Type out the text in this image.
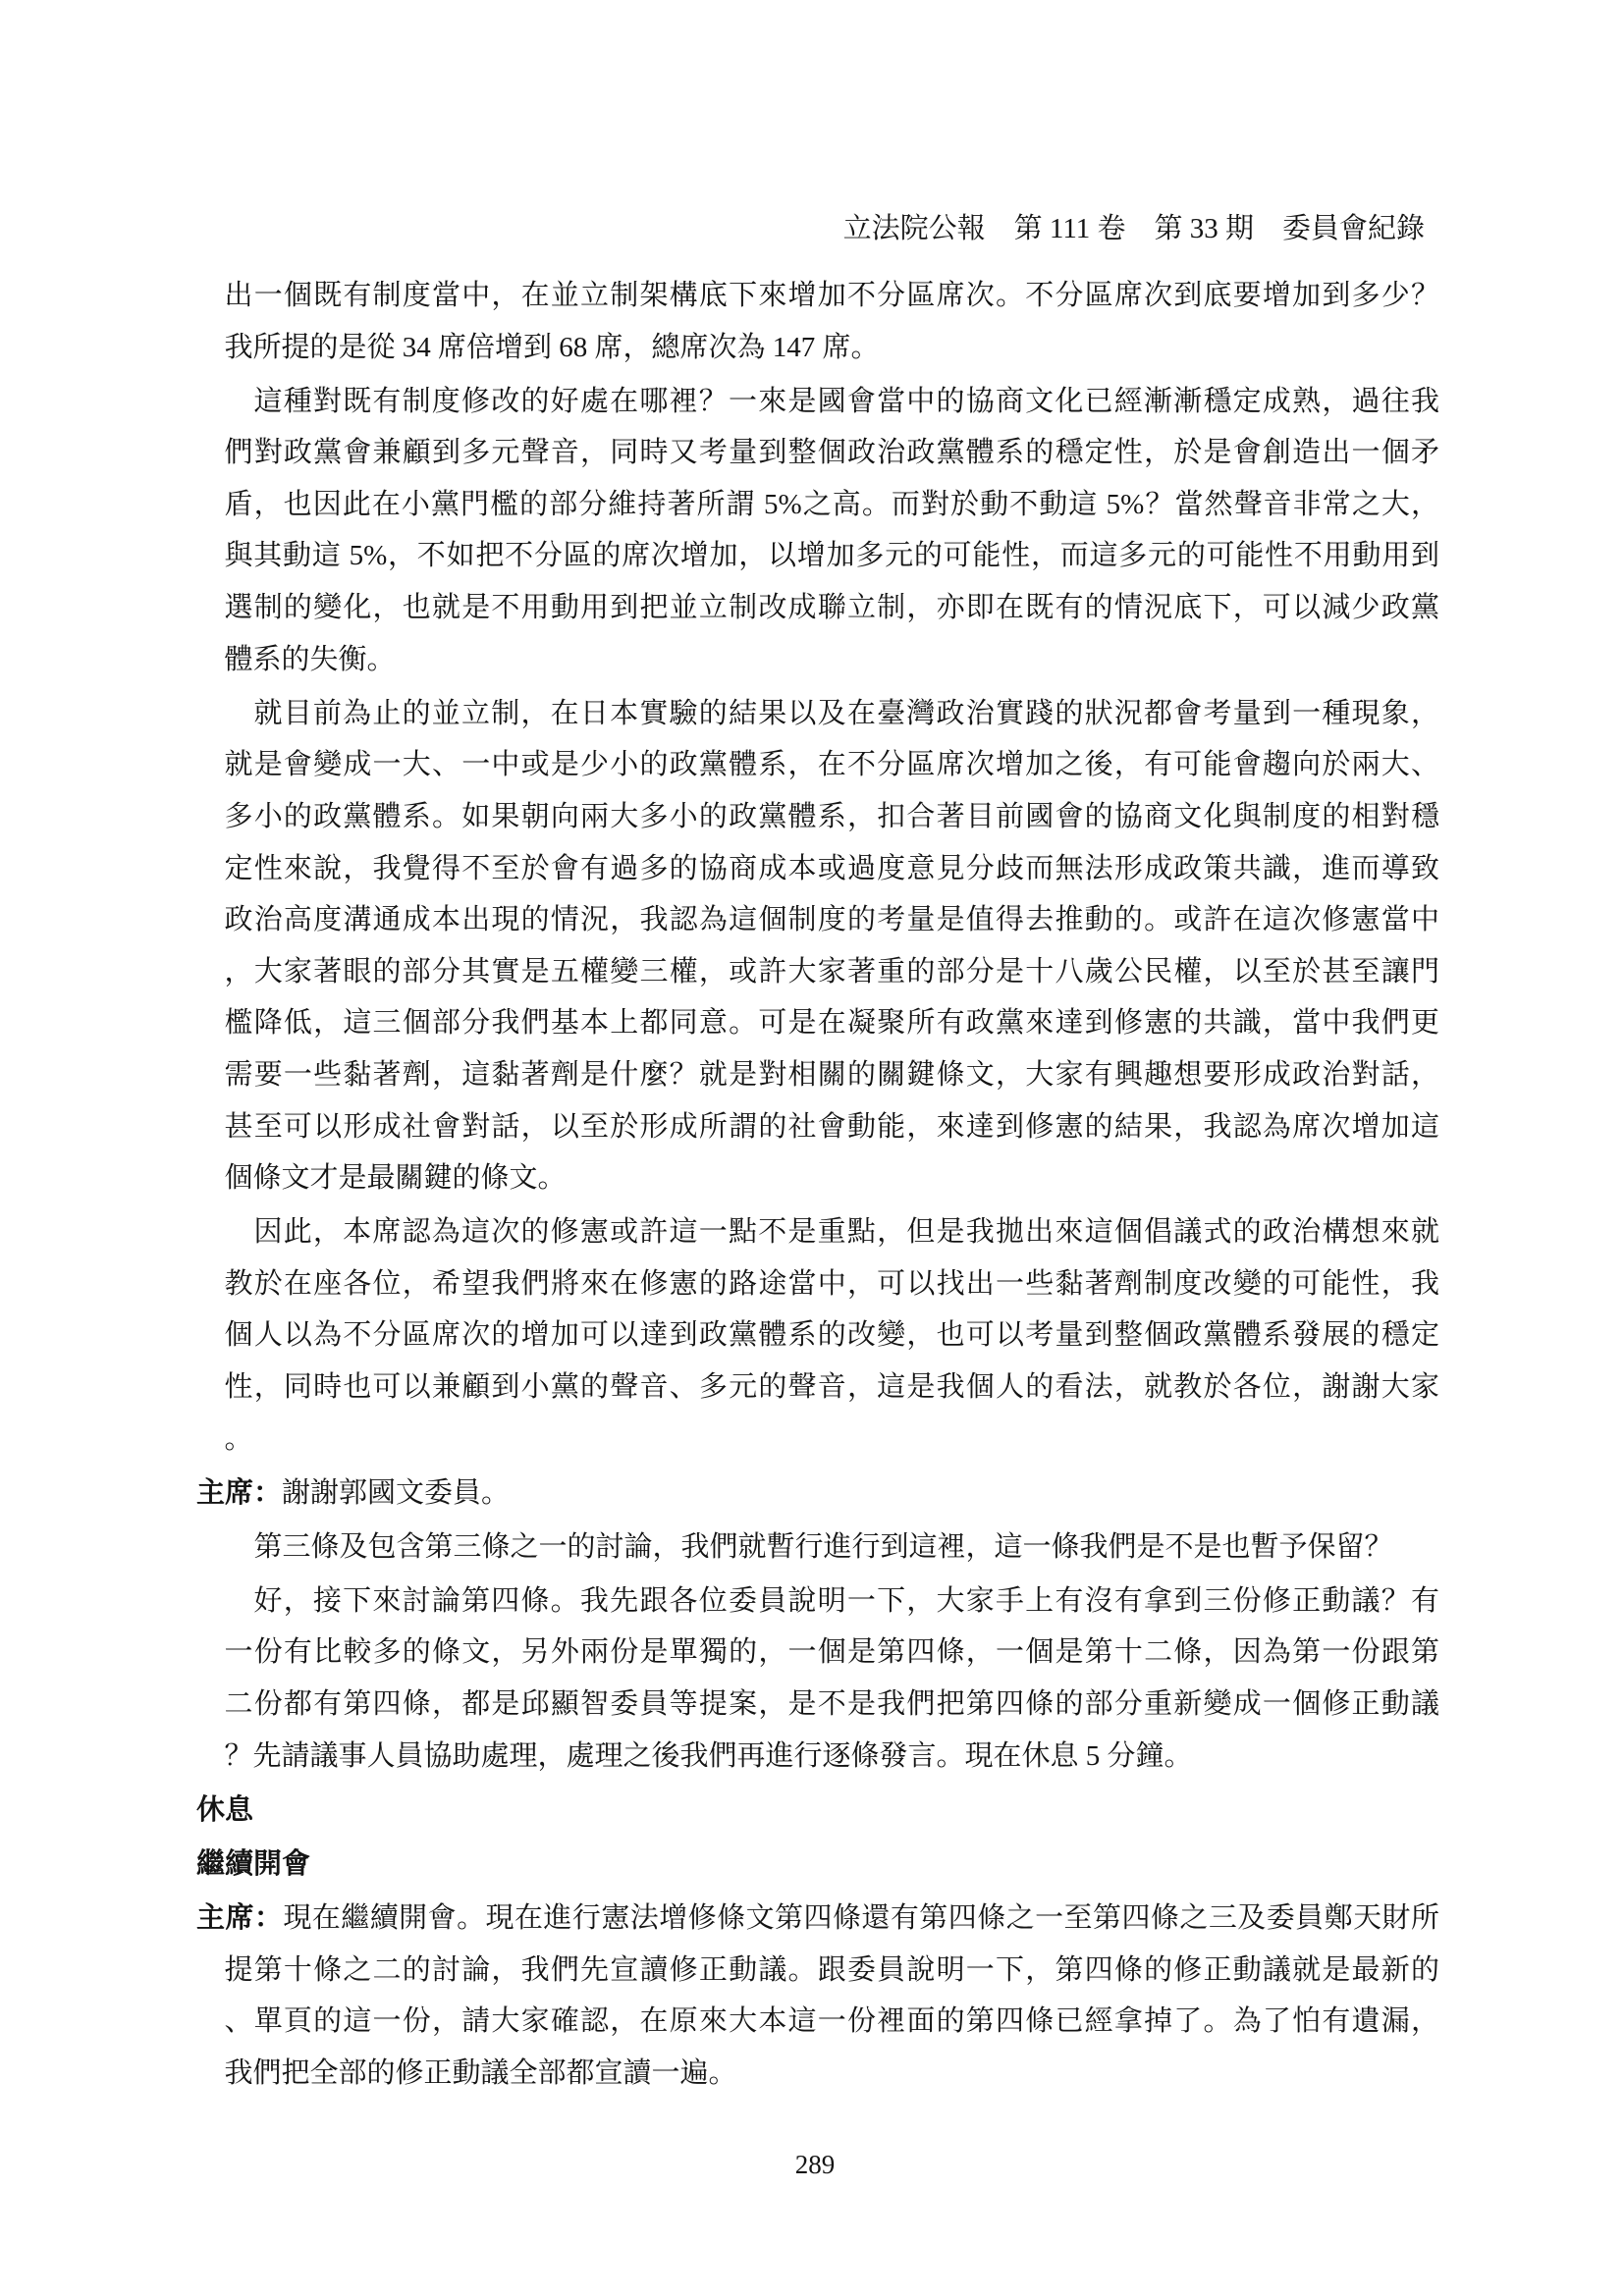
立法院公報　第 111 卷　第 33 期　委員會紀錄

出一個既有制度當中，在並立制架構底下來增加不分區席次。不分區席次到底要增加到多少？
我所提的是從 34 席倍增到 68 席，總席次為 147 席。
這種對既有制度修改的好處在哪裡？一來是國會當中的協商文化已經漸漸穩定成熟，過往我
們對政黨會兼顧到多元聲音，同時又考量到整個政治政黨體系的穩定性，於是會創造出一個矛
盾，也因此在小黨門檻的部分維持著所謂 5%之高。而對於動不動這 5%？當然聲音非常之大，
與其動這 5%，不如把不分區的席次增加，以增加多元的可能性，而這多元的可能性不用動用到
選制的變化，也就是不用動用到把並立制改成聯立制，亦即在既有的情況底下，可以減少政黨
體系的失衡。
就目前為止的並立制，在日本實驗的結果以及在臺灣政治實踐的狀況都會考量到一種現象，
就是會變成一大、一中或是少小的政黨體系，在不分區席次增加之後，有可能會趨向於兩大、
多小的政黨體系。如果朝向兩大多小的政黨體系，扣合著目前國會的協商文化與制度的相對穩
定性來說，我覺得不至於會有過多的協商成本或過度意見分歧而無法形成政策共識，進而導致
政治高度溝通成本出現的情況，我認為這個制度的考量是值得去推動的。或許在這次修憲當中
，大家著眼的部分其實是五權變三權，或許大家著重的部分是十八歲公民權，以至於甚至讓門
檻降低，這三個部分我們基本上都同意。可是在凝聚所有政黨來達到修憲的共識，當中我們更
需要一些黏著劑，這黏著劑是什麼？就是對相關的關鍵條文，大家有興趣想要形成政治對話，
甚至可以形成社會對話，以至於形成所謂的社會動能，來達到修憲的結果，我認為席次增加這
個條文才是最關鍵的條文。
因此，本席認為這次的修憲或許這一點不是重點，但是我拋出來這個倡議式的政治構想來就
教於在座各位，希望我們將來在修憲的路途當中，可以找出一些黏著劑制度改變的可能性，我
個人以為不分區席次的增加可以達到政黨體系的改變，也可以考量到整個政黨體系發展的穩定
性，同時也可以兼顧到小黨的聲音、多元的聲音，這是我個人的看法，就教於各位，謝謝大家
。
主席：謝謝郭國文委員。
第三條及包含第三條之一的討論，我們就暫行進行到這裡，這一條我們是不是也暫予保留？
好，接下來討論第四條。我先跟各位委員說明一下，大家手上有沒有拿到三份修正動議？有
一份有比較多的條文，另外兩份是單獨的，一個是第四條，一個是第十二條，因為第一份跟第
二份都有第四條，都是邱顯智委員等提案，是不是我們把第四條的部分重新變成一個修正動議
？先請議事人員協助處理，處理之後我們再進行逐條發言。現在休息 5 分鐘。
休息
繼續開會
主席：現在繼續開會。現在進行憲法增修條文第四條還有第四條之一至第四條之三及委員鄭天財所
提第十條之二的討論，我們先宣讀修正動議。跟委員說明一下，第四條的修正動議就是最新的
、單頁的這一份，請大家確認，在原來大本這一份裡面的第四條已經拿掉了。為了怕有遺漏，
我們把全部的修正動議全部都宣讀一遍。
289
